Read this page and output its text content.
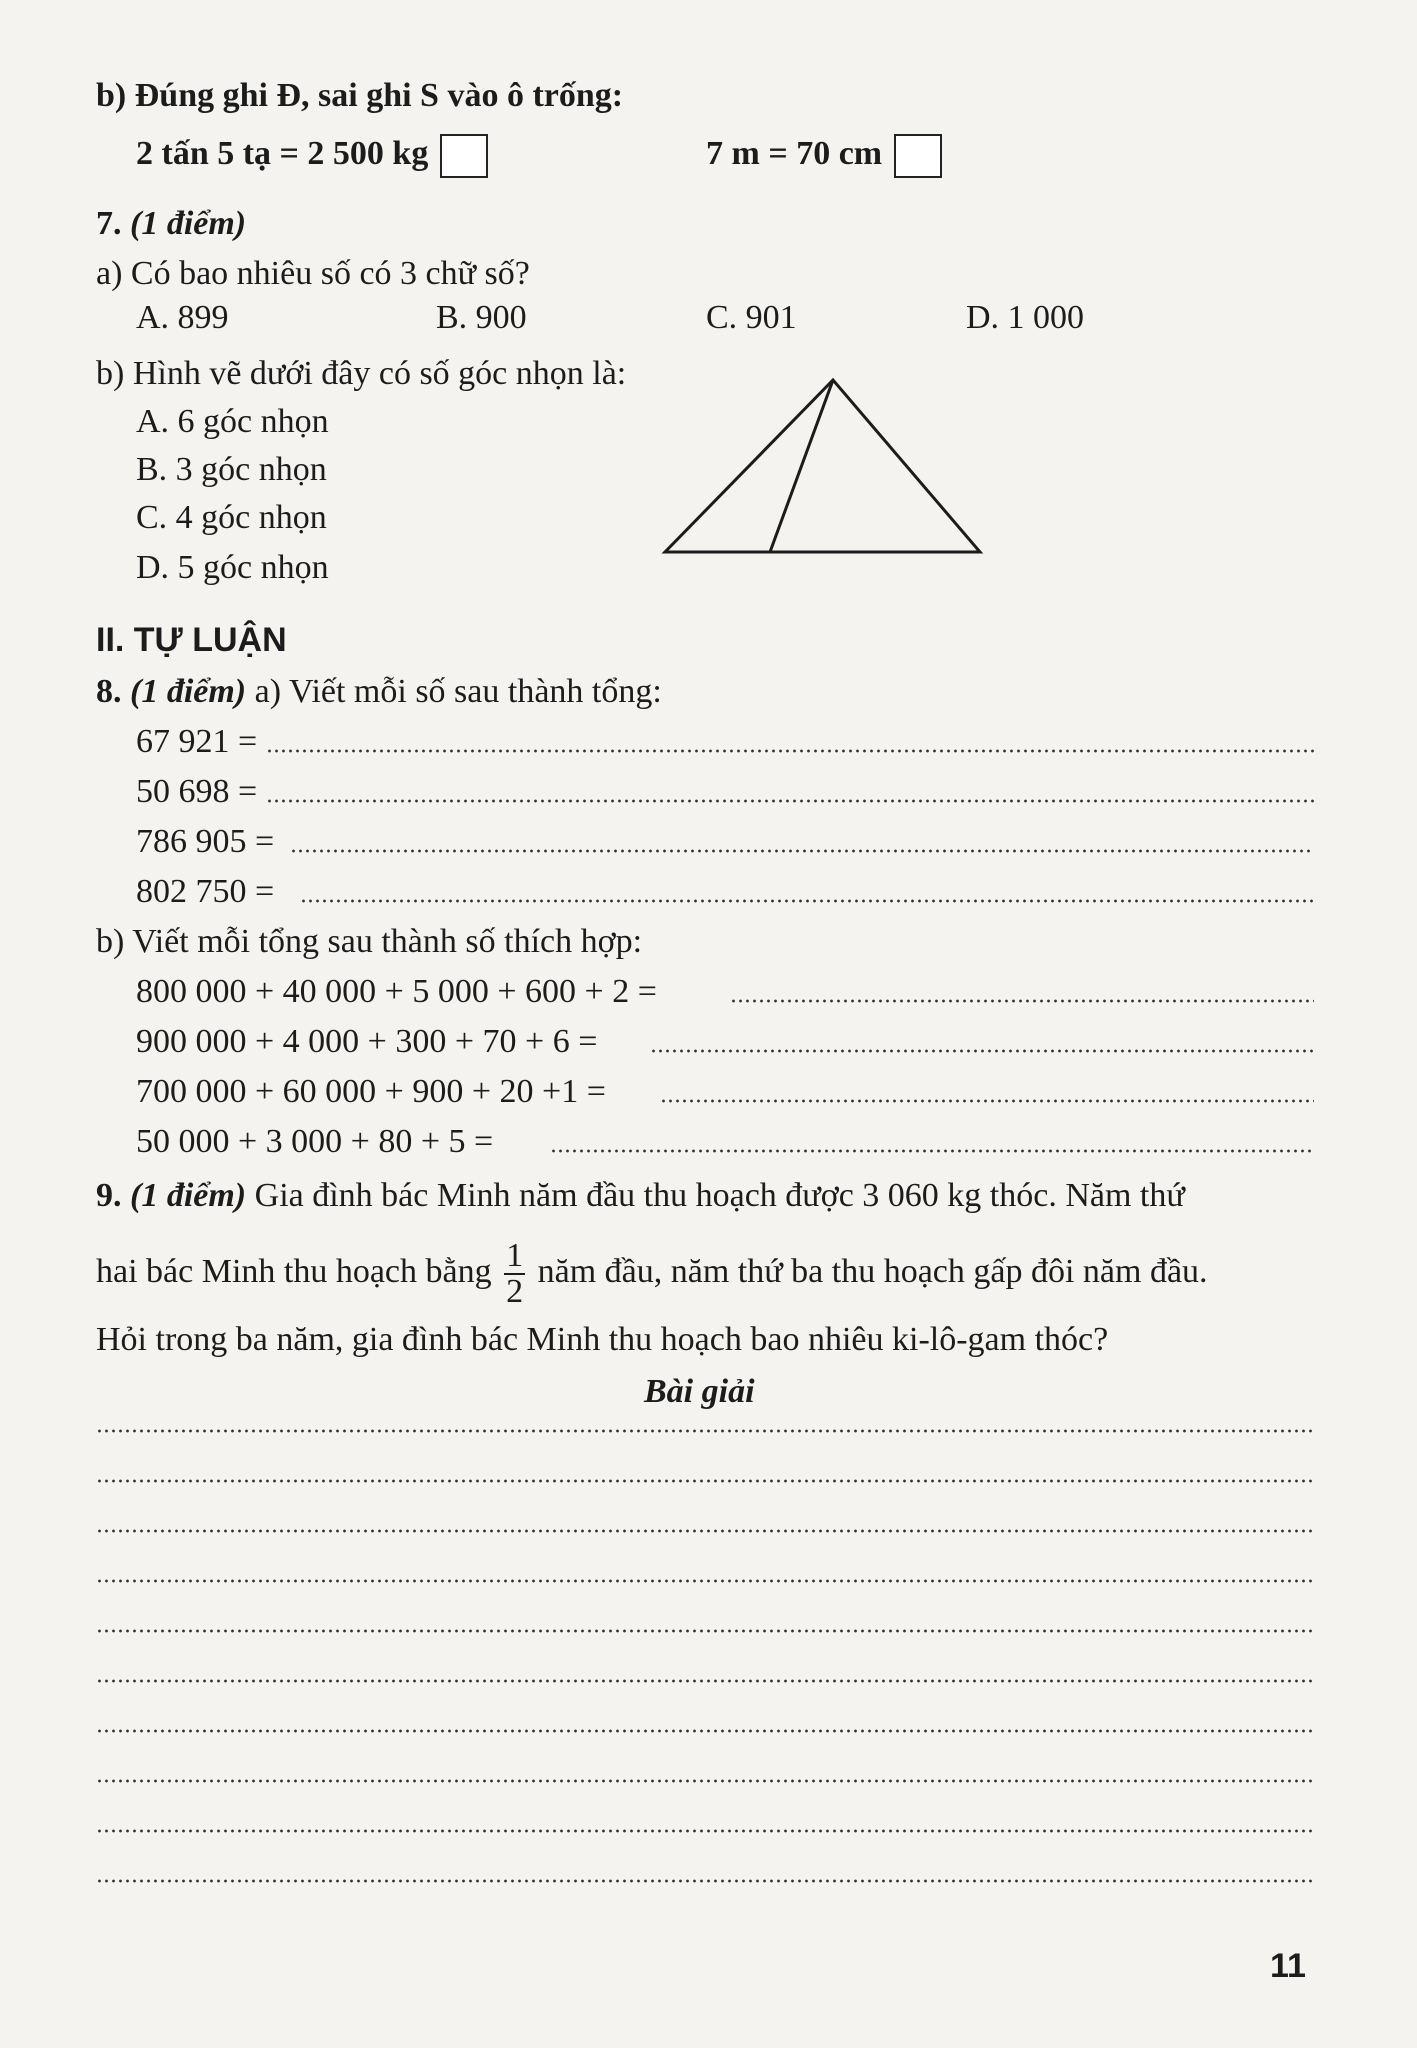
b) Đúng ghi Đ, sai ghi S vào ô trống:
2 tấn 5 tạ = 2 500 kg	7 m = 70 cm
7. (1 điểm)
a) Có bao nhiêu số có 3 chữ số?
A. 899	B. 900	C. 901	D. 1 000
b) Hình vẽ dưới đây có số góc nhọn là:
A. 6 góc nhọn
B. 3 góc nhọn
C. 4 góc nhọn
D. 5 góc nhọn
II. TỰ LUẬN
8. (1 điểm) a) Viết mỗi số sau thành tổng:
67 921 =
50 698 =
786 905 =
802 750 =
b) Viết mỗi tổng sau thành số thích hợp:
800 000 + 40 000 + 5 000 + 600 + 2 =
900 000 + 4 000 + 300 + 70 + 6 =
700 000 + 60 000 + 900 + 20 +1 =
50 000 + 3 000 + 80 + 5 =
9. (1 điểm) Gia đình bác Minh năm đầu thu hoạch được 3 060 kg thóc. Năm thứ
hai bác Minh thu hoạch bằng $\frac{1}{2}$ năm đầu, năm thứ ba thu hoạch gấp đôi năm đầu.
Hỏi trong ba năm, gia đình bác Minh thu hoạch bao nhiêu ki-lô-gam thóc?
Bài giải
11
